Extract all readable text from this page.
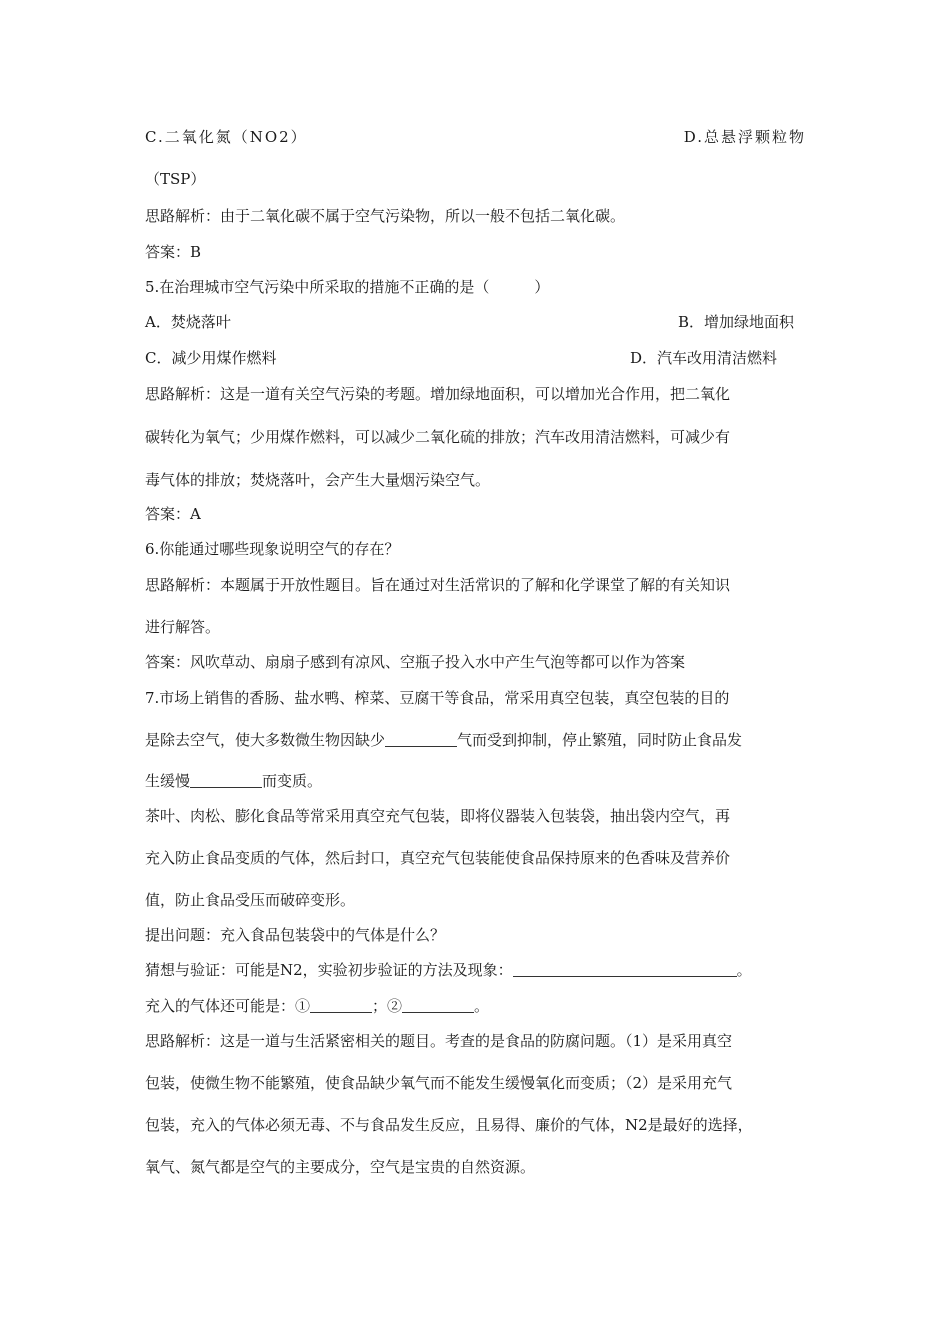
C.二氧化氮（NO2）	D.总悬浮颗粒物
（TSP）
思路解析：由于二氧化碳不属于空气污染物，所以一般不包括二氧化碳。
答案：B
5.在治理城市空气污染中所采取的措施不正确的是（　　　）
A．焚烧落叶	B．增加绿地面积
C．减少用煤作燃料	D．汽车改用清洁燃料
思路解析：这是一道有关空气污染的考题。增加绿地面积，可以增加光合作用，把二氧化
碳转化为氧气；少用煤作燃料，可以减少二氧化硫的排放；汽车改用清洁燃料，可减少有
毒气体的排放；焚烧落叶，会产生大量烟污染空气。
答案：A
6.你能通过哪些现象说明空气的存在？
思路解析：本题属于开放性题目。旨在通过对生活常识的了解和化学课堂了解的有关知识
进行解答。
答案：风吹草动、扇扇子感到有凉风、空瓶子投入水中产生气泡等都可以作为答案
7.市场上销售的香肠、盐水鸭、榨菜、豆腐干等食品，常采用真空包装，真空包装的目的
是除去空气，使大多数微生物因缺少	气而受到抑制，停止繁殖，同时防止食品发
生缓慢	而变质。
茶叶、肉松、膨化食品等常采用真空充气包装，即将仪器装入包装袋，抽出袋内空气，再
充入防止食品变质的气体，然后封口，真空充气包装能使食品保持原来的色香味及营养价
值，防止食品受压而破碎变形。
提出问题：充入食品包装袋中的气体是什么？
猜想与验证：可能是N2，实验初步验证的方法及现象：	。
充入的气体还可能是：①	；②	。
思路解析：这是一道与生活紧密相关的题目。考查的是食品的防腐问题。（1）是采用真空
包装，使微生物不能繁殖，使食品缺少氧气而不能发生缓慢氧化而变质；（2）是采用充气
包装，充入的气体必须无毒、不与食品发生反应，且易得、廉价的气体，N2是最好的选择，
氧气、氮气都是空气的主要成分，空气是宝贵的自然资源。
